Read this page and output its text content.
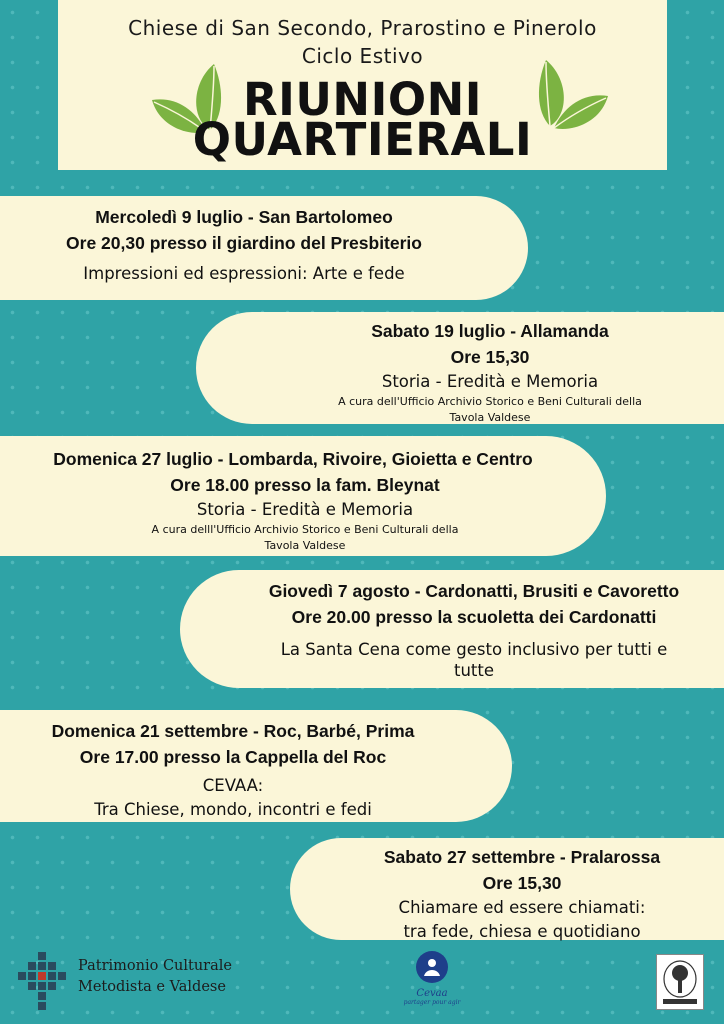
Chiese di San Secondo, Prarostino e Pinerolo
Ciclo Estivo
RIUNIONI
QUARTIERALI
Mercoledì 9 luglio - San Bartolomeo
Ore 20,30 presso il giardino del Presbiterio
Impressioni ed espressioni: Arte e fede
Sabato 19 luglio - Allamanda
Ore 15,30
Storia - Eredità e Memoria
A cura dell'Ufficio Archivio Storico e Beni Culturali della
Tavola Valdese
Domenica 27 luglio - Lombarda, Rivoire, Gioietta e Centro
Ore 18.00 presso la fam. Bleynat
Storia - Eredità e Memoria
A cura delll'Ufficio Archivio Storico e Beni Culturali della
Tavola Valdese
Giovedì 7 agosto - Cardonatti, Brusiti e Cavoretto
Ore 20.00 presso la scuoletta dei Cardonatti
La Santa Cena come gesto inclusivo per tutti e
tutte
Domenica 21 settembre - Roc, Barbé, Prima
Ore 17.00 presso la Cappella del Roc
CEVAA:
Tra Chiese, mondo, incontri e fedi
Sabato 27 settembre - Pralarossa
Ore 15,30
Chiamare ed essere chiamati:
tra fede, chiesa e quotidiano
Patrimonio Culturale
Metodista e Valdese	Cevaa
partager pour agir
